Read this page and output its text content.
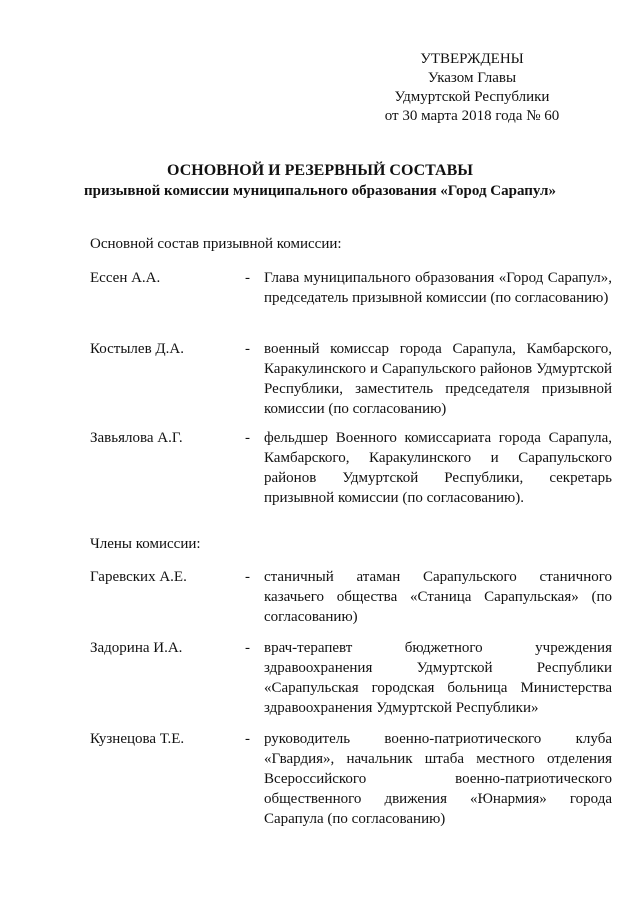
УТВЕРЖДЕНЫ
Указом Главы
Удмуртской Республики
от 30 марта 2018 года № 60
ОСНОВНОЙ И РЕЗЕРВНЫЙ СОСТАВЫ
призывной комиссии муниципального образования «Город Сарапул»
Основной состав призывной комиссии:
Ессен А.А.	- Глава муниципального образования «Город Сарапул», председатель призывной комиссии (по согласованию)
Костылев Д.А.	- военный комиссар города Сарапула, Камбарского, Каракулинского и Сарапульского районов Удмуртской Республики, заместитель председателя призывной комиссии (по согласованию)
Завьялова А.Г.	- фельдшер Военного комиссариата города Сарапула, Камбарского, Каракулинского и Сарапульского районов Удмуртской Республики, секретарь призывной комиссии (по согласованию).
Члены комиссии:
Гаревских А.Е.	- станичный атаман Сарапульского станичного казачьего общества «Станица Сарапульская» (по согласованию)
Задорина И.А.	- врач-терапевт бюджетного учреждения здравоохранения Удмуртской Республики «Сарапульская городская больница Министерства здравоохранения Удмуртской Республики»
Кузнецова Т.Е.	- руководитель военно-патриотического клуба «Гвардия», начальник штаба местного отделения Всероссийского военно-патриотического общественного движения «Юнармия» города Сарапула (по согласованию)
